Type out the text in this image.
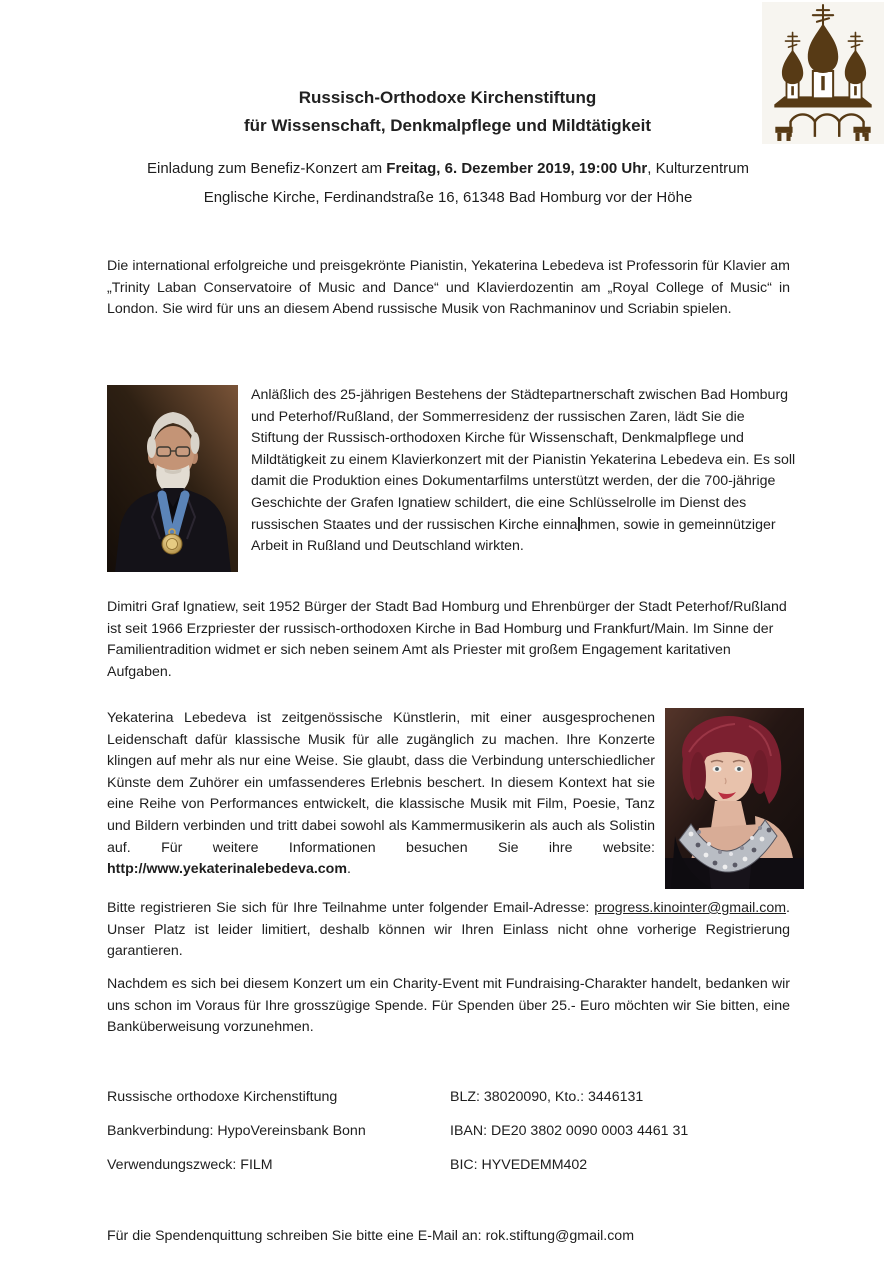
Russisch-Orthodoxe Kirchenstiftung
für Wissenschaft, Denkmalpflege und Mildtätigkeit
Einladung zum Benefiz-Konzert am Freitag, 6. Dezember 2019, 19:00 Uhr, Kulturzentrum
Englische Kirche, Ferdinandstraße 16, 61348 Bad Homburg vor der Höhe

Die international erfolgreiche und preisgekrönte Pianistin, Yekaterina Lebedeva ist Professorin für Klavier am „Trinity Laban Conservatoire of Music and Dance“ und Klavierdozentin am „Royal College of Music“ in London. Sie wird für uns an diesem Abend russische Musik von Rachmaninov und Scriabin spielen.

Anläßlich des 25-jährigen Bestehens der Städtepartnerschaft zwischen Bad Homburg und Peterhof/Rußland, der Sommerresidenz der russischen Zaren, lädt Sie die Stiftung der Russisch-orthodoxen Kirche für Wissenschaft, Denkmalpflege und Mildtätigkeit zu einem Klavierkonzert mit der Pianistin Yekaterina Lebedeva ein. Es soll damit die Produktion eines Dokumentarfilms unterstützt werden, der die 700-jährige Geschichte der Grafen Ignatiew schildert, die eine Schlüsselrolle im Dienst des russischen Staates und der russischen Kirche einna hmen, sowie in gemeinnütziger Arbeit in Rußland und Deutschland wirkten.

Dimitri Graf Ignatiew, seit 1952 Bürger der Stadt Bad Homburg und Ehrenbürger der Stadt Peterhof/Rußland ist seit 1966 Erzpriester der russisch-orthodoxen Kirche in Bad Homburg und Frankfurt/Main. Im Sinne der Familientradition widmet er sich neben seinem Amt als Priester mit großem Engagement karitativen Aufgaben.

Yekaterina Lebedeva ist zeitgenössische Künstlerin, mit einer ausgesprochenen Leidenschaft dafür klassische Musik für alle zugänglich zu machen. Ihre Konzerte klingen auf mehr als nur eine Weise. Sie glaubt, dass die Verbindung unterschiedlicher Künste dem Zuhörer ein umfassenderes Erlebnis beschert. In diesem Kontext hat sie eine Reihe von Performances entwickelt, die klassische Musik mit Film, Poesie, Tanz und Bildern verbinden und tritt dabei sowohl als Kammermusikerin als auch als Solistin auf. Für weitere Informationen besuchen Sie ihre website: http://www.yekaterinalebedeva.com.

Bitte registrieren Sie sich für Ihre Teilnahme unter folgender Email-Adresse: progress.kinointer@gmail.com. Unser Platz ist leider limitiert, deshalb können wir Ihren Einlass nicht ohne vorherige Registrierung garantieren.

Nachdem es sich bei diesem Konzert um ein Charity-Event mit Fundraising-Charakter handelt, bedanken wir uns schon im Voraus für Ihre grosszügige Spende. Für Spenden über 25.- Euro möchten wir Sie bitten, eine Banküberweisung vorzunehmen.

Russische orthodoxe Kirchenstiftung	BLZ: 38020090, Kto.: 3446131
Bankverbindung: HypoVereinsbank Bonn	IBAN: DE20 3802 0090 0003 4461 31
Verwendungszweck: FILM	BIC: HYVEDEMM402

Für die Spendenquittung schreiben Sie bitte eine E-Mail an: rok.stiftung@gmail.com
